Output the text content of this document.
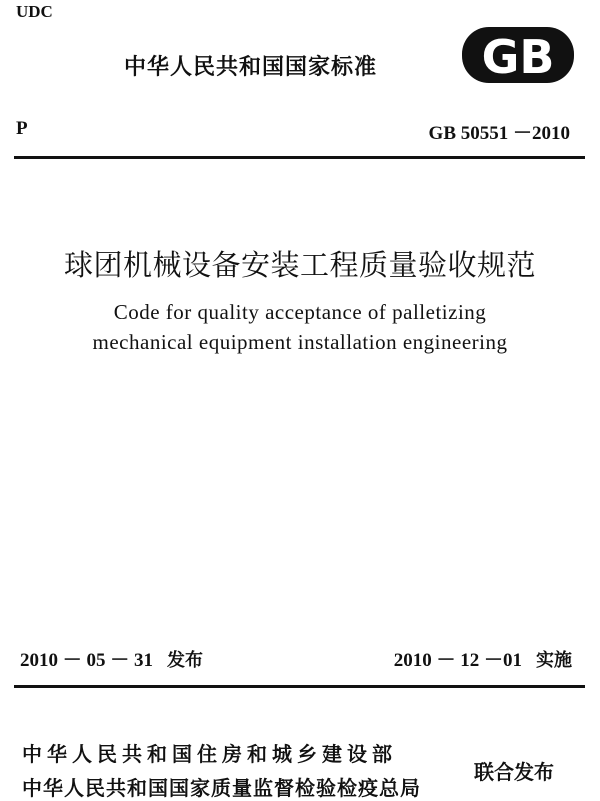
UDC
中华人民共和国国家标准 GB
P	GB 50551 －2010
球团机械设备安装工程质量验收规范
Code for quality acceptance of palletizing
mechanical equipment installation engineering
2010 － 05 － 31 发布	2010 － 12 －01 实施
中华人民共和国住房和城乡建设部
中华人民共和国国家质量监督检验检疫总局
联合发布
